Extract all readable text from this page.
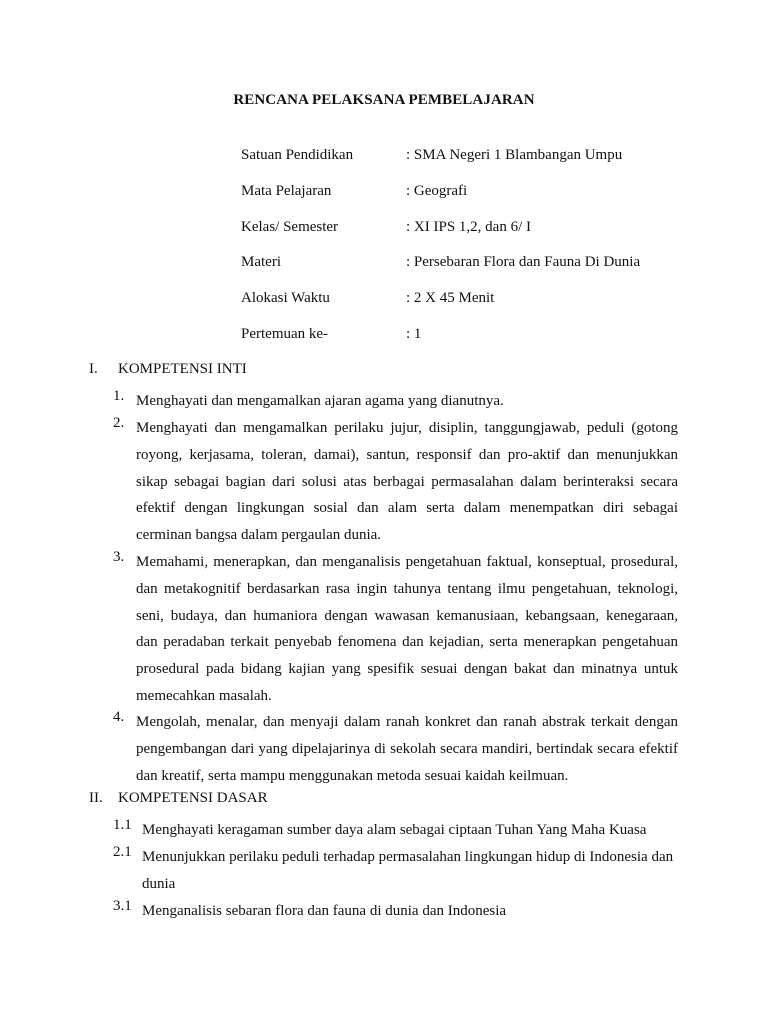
RENCANA PELAKSANA PEMBELAJARAN
Satuan Pendidikan	: SMA Negeri 1 Blambangan Umpu
Mata Pelajaran	: Geografi
Kelas/ Semester	: XI IPS 1,2, dan 6/ I
Materi	: Persebaran Flora dan Fauna Di Dunia
Alokasi Waktu	: 2 X 45 Menit
Pertemuan ke-	: 1
I. KOMPETENSI INTI
1. Menghayati dan mengamalkan ajaran agama yang dianutnya.
2. Menghayati dan mengamalkan perilaku jujur, disiplin, tanggungjawab, peduli (gotong royong, kerjasama, toleran, damai), santun, responsif dan pro-aktif dan menunjukkan sikap sebagai bagian dari solusi atas berbagai permasalahan dalam berinteraksi secara efektif dengan lingkungan sosial dan alam serta dalam menempatkan diri sebagai cerminan bangsa dalam pergaulan dunia.
3. Memahami, menerapkan, dan menganalisis pengetahuan faktual, konseptual, prosedural, dan metakognitif berdasarkan rasa ingin tahunya tentang ilmu pengetahuan, teknologi, seni, budaya, dan humaniora dengan wawasan kemanusiaan, kebangsaan, kenegaraan, dan peradaban terkait penyebab fenomena dan kejadian, serta menerapkan pengetahuan prosedural pada bidang kajian yang spesifik sesuai dengan bakat dan minatnya untuk memecahkan masalah.
4. Mengolah, menalar, dan menyaji dalam ranah konkret dan ranah abstrak terkait dengan pengembangan dari yang dipelajarinya di sekolah secara mandiri, bertindak secara efektif dan kreatif, serta mampu menggunakan metoda sesuai kaidah keilmuan.
II. KOMPETENSI DASAR
1.1 Menghayati keragaman sumber daya alam sebagai ciptaan Tuhan Yang Maha Kuasa
2.1 Menunjukkan perilaku peduli terhadap permasalahan lingkungan hidup di Indonesia dan dunia
3.1 Menganalisis sebaran flora dan fauna di dunia dan Indonesia
